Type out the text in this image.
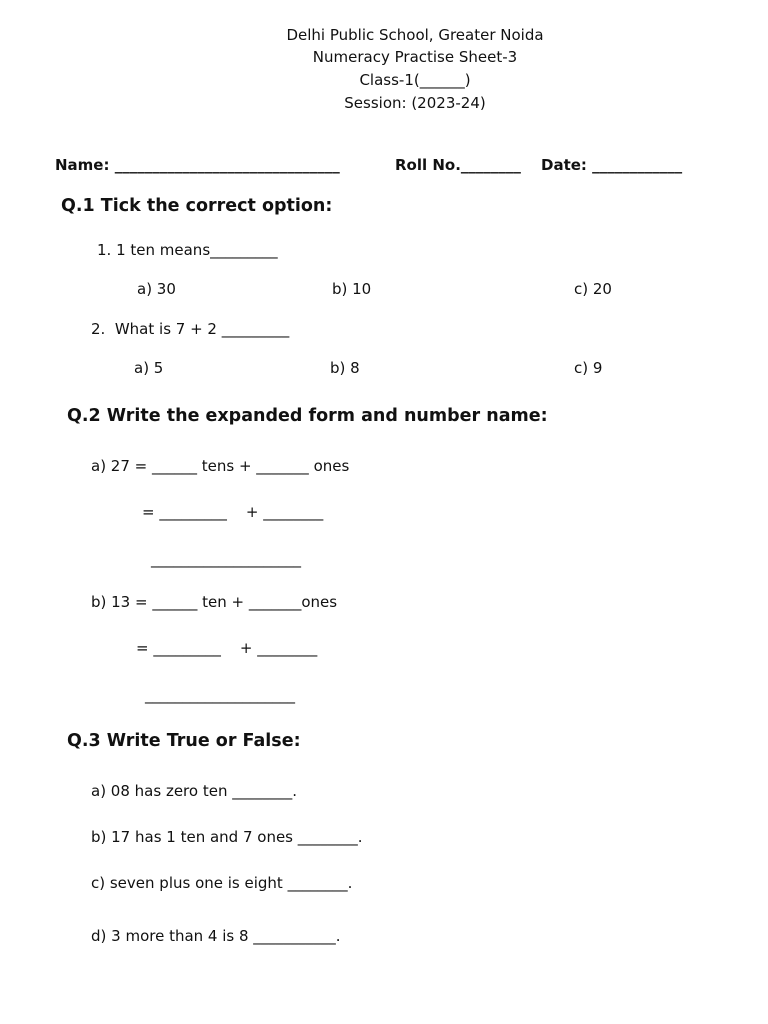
Delhi Public School, Greater Noida
Numeracy Practise Sheet-3
Class-1(______)
Session: (2023-24)
Name: ______________________________	Roll No.________ Date: ____________
Q.1 Tick the correct option:
1. 1 ten means_________
a) 30	b) 10	c) 20
2.  What is 7 + 2 _________
a) 5	b) 8	c) 9
Q.2 Write the expanded form and number name:
a) 27 = ______ tens + _______ ones
= _________    + ________
____________________
b) 13 = ______ ten + _______ones
= _________    + ________
____________________
Q.3 Write True or False:
a) 08 has zero ten ________.
b) 17 has 1 ten and 7 ones ________.
c) seven plus one is eight ________.
d) 3 more than 4 is 8 ___________.
